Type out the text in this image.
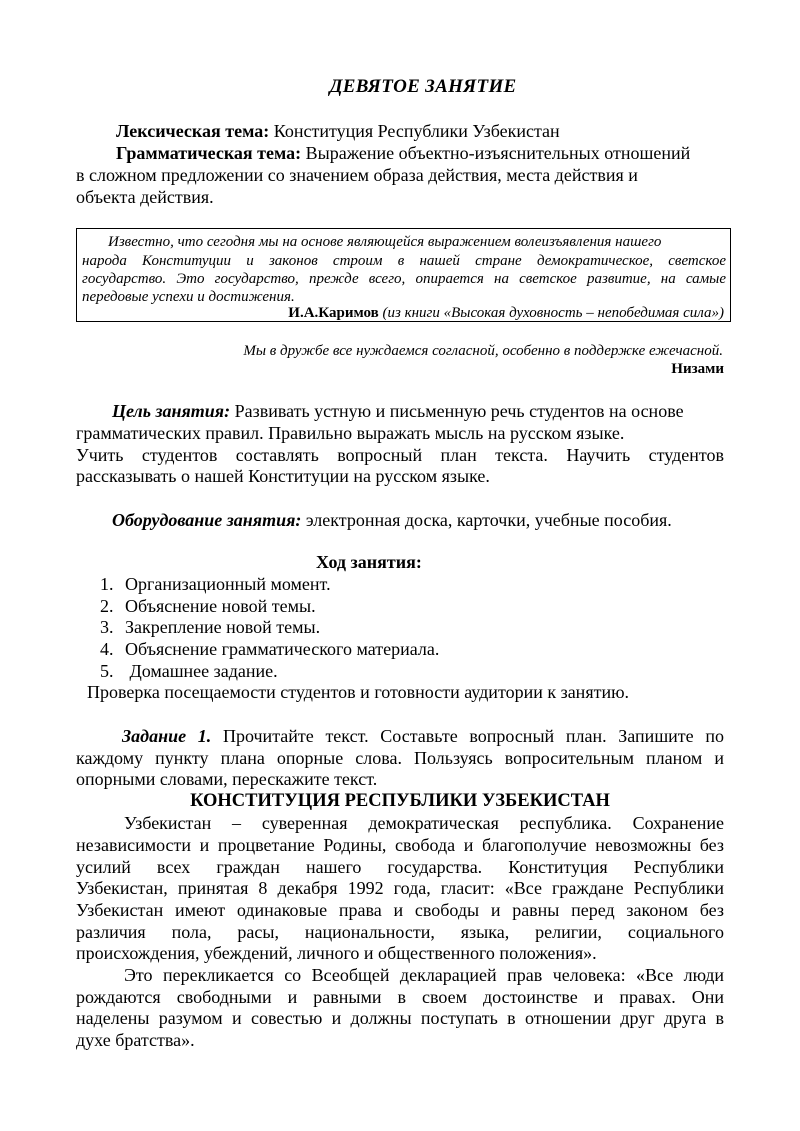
ДЕВЯТОЕ ЗАНЯТИЕ
Лексическая тема: Конституция Республики Узбекистан
Грамматическая тема: Выражение объектно-изъяснительных отношений
в сложном предложении со значением образа действия, места действия и
объекта действия.
Известно, что сегодня мы на основе являющейся выражением волеизъявления нашего
народа Конституции и законов строим в нашей стране демократическое, светское
государство. Это государство, прежде всего, опирается на светское развитие, на самые
передовые успехи и достижения.
И.А.Каримов (из книги «Высокая духовность – непобедимая сила»)
Мы в дружбе все нуждаемся согласной, особенно в поддержке ежечасной.
Низами
Цель занятия: Развивать устную и письменную речь студентов на основе
грамматических правил. Правильно выражать мысль на русском языке.
Учить студентов составлять вопросный план текста. Научить студентов
рассказывать о нашей Конституции на русском языке.
Оборудование занятия: электронная доска, карточки, учебные пособия.
Ход занятия:
1. Организационный момент.
2. Объяснение новой темы.
3. Закрепление новой темы.
4. Объяснение грамматического материала.
5. Домашнее задание.
Проверка посещаемости студентов и готовности аудитории к занятию.
Задание 1. Прочитайте текст. Составьте вопросный план. Запишите по
каждому пункту плана опорные слова. Пользуясь вопросительным планом и
опорными словами, перескажите текст.
КОНСТИТУЦИЯ РЕСПУБЛИКИ УЗБЕКИСТАН
Узбекистан – суверенная демократическая республика. Сохранение
независимости и процветание Родины, свобода и благополучие невозможны без
усилий всех граждан нашего государства. Конституция Республики
Узбекистан, принятая 8 декабря 1992 года, гласит: «Все граждане Республики
Узбекистан имеют одинаковые права и свободы и равны перед законом без
различия пола, расы, национальности, языка, религии, социального
происхождения, убеждений, личного и общественного положения».
Это перекликается со Всеобщей декларацией прав человека: «Все люди
рождаются свободными и равными в своем достоинстве и правах. Они
наделены разумом и совестью и должны поступать в отношении друг друга в
духе братства».
